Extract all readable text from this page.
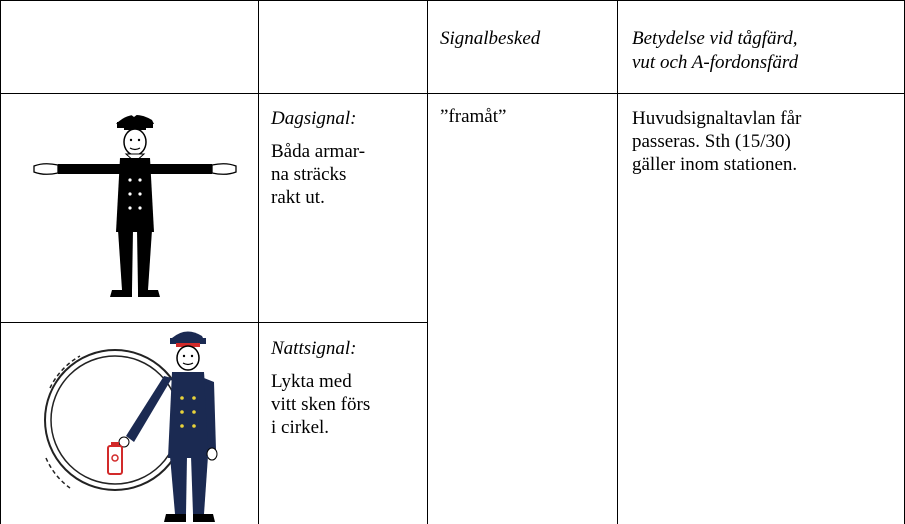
Signalbesked	Betydelse vid tågfärd,
vut och A-fordonsfärd
Dagsignal:
Båda armar-
na sträcks
rakt ut.
Nattsignal:
Lykta med
vitt sken förs
i cirkel.
”framåt”	Huvudsignaltavlan får
passeras. Sth (15/30)
gäller inom stationen.
